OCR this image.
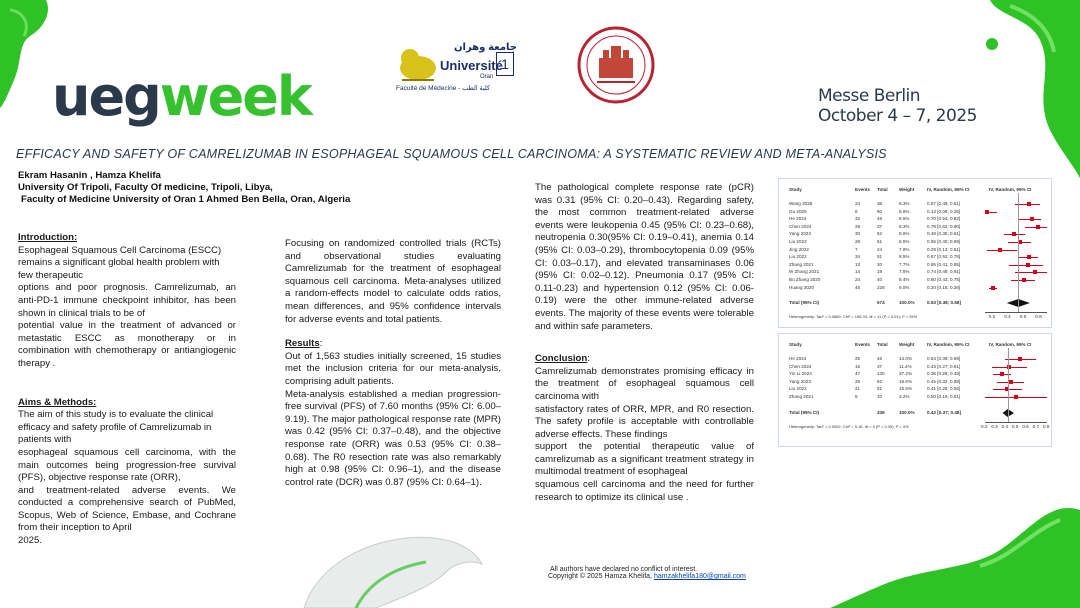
uegweek
جامعة وهران
Université
Oran
1
Faculté de Médecine - كلية الطب	Messe Berlin
October 4 – 7, 2025
EFFICACY AND SAFETY OF CAMRELIZUMAB IN ESOPHAGEAL SQUAMOUS CELL CARCINOMA: A SYSTEMATIC REVIEW AND META-ANALYSIS
Ekram Hasanin , Hamza Khelifa
University Of Tripoli, Faculty Of medicine, Tripoli, Libya,
Faculty of Medicine University of Oran 1 Ahmed Ben Bella, Oran, Algeria

Introduction:

Esophageal Squamous Cell Carcinoma (ESCC) remains a significant global health problem with few therapeutic

options and poor prognosis. Camrelizumab, an anti-PD-1 immune checkpoint inhibitor, has been shown in clinical trials to be of

potential value in the treatment of advanced or metastatic ESCC as monotherapy or in combination with chemotherapy or antiangiogenic therapy .

Aims & Methods:

The aim of this study is to evaluate the clinical efficacy and safety profile of Camrelizumab in patients with

esophageal squamous cell carcinoma, with the main outcomes being progression-free survival (PFS), objective response rate (ORR),

and treatment-related adverse events. We conducted a comprehensive search of PubMed, Scopus, Web of Science, Embase, and Cochrane from their inception to April

2025.

Focusing on randomized controlled trials (RCTs) and observational studies evaluating Camrelizumab for the treatment of esophageal squamous cell carcinoma. Meta-analyses utilized a random-effects model to calculate odds ratios, mean differences, and 95% confidence intervals for adverse events and total patients.

Results:

Out of 1,563 studies initially screened, 15 studies met the inclusion criteria for our meta-analysis, comprising adult patients.

Meta-analysis established a median progression-free survival (PFS) of 7.60 months (95% CI: 6.00–9.19). The major pathological response rate (MPR) was 0.42 (95% CI: 0.37–0.48), and the objective response rate (ORR) was 0.53 (95% CI: 0.38–0.68). The R0 resection rate was also remarkably high at 0.98 (95% CI: 0.96–1), and the disease control rate (DCR) was 0.87 (95% CI: 0.64–1).

The pathological complete response rate (pCR) was 0.31 (95% CI: 0.20–0.43). Regarding safety, the most common treatment-related adverse events were leukopenia 0.45 (95% CI: 0.23–0.68), neutropenia 0.30(95% CI: 0.19–0.41), anemia 0.14 (95% CI: 0.03–0.29), thrombocytopenia 0.09 (95% CI: 0.03–0.17), and elevated transaminases 0.06 (95% CI: 0.02–0.12). Pneumonia 0.17 (95% CI: 0.11-0.23) and hypertension 0.12 (95% CI: 0.06-0.19) were the other immune-related adverse events. The majority of these events were tolerable and within safe parameters.

Conclusion:

Camrelizumab demonstrates promising efficacy in the treatment of esophageal squamous cell carcinoma with

satisfactory rates of ORR, MPR, and R0 resection. The safety profile is acceptable with controllable adverse effects. These findings

support the potential therapeutic value of camrelizumab as a significant treatment strategy in multimodal treatment of esophageal

squamous cell carcinoma and the need for further research to optimize its clinical use .

All authors have declared no conflict of interest.
Copyright © 2025 Hamza Khelifa, hamzakhelifa180@gmail.com
Study	Events Total Weight	IV, Random, 95% CI	IV, Random, 95% CI
Wang 2025	24	36	8.3%	0.67 [0.49; 0.81]
Gu 2025	8	60	8.6%	0.13 [0.06; 0.25]
He 2024	32	46	8.5%	0.70 [0.54; 0.82]
Chen 2024	29	37	8.3%	0.78 [0.62; 0.90]
Yang 2023	30	62	8.6%	0.48 [0.35; 0.61]
Liu 2022	28	51	8.5%	0.55 [0.40; 0.69]
Jing 2022	7	24	7.9%	0.29 [0.13; 0.51]
Liu 2022	34	51	8.5%	0.67 [0.52; 0.79]
Zhang 2021	13	20	7.7%	0.65 [0.41; 0.85]
W Zhang 2021	14	19	7.6%	0.74 [0.49; 0.91]
Bo Zhang 2020	24	40	8.4%	0.60 [0.43; 0.75]
Huang 2020	46	228	9.0%	0.20 [0.15; 0.26]
Total (95% CI)	674	100.0%	0.53 [0.38; 0.68]
Heterogeneity: Tau² = 0.0669; Chi² = 156.33, df = 11 (P < 0.01); I² = 93%	0.2 0.4 0.6 0.8
Study	Events Total Weight	IV, Random, 95% CI	IV, Random, 95% CI
He 2024	25	46	14.0%	0.54 [0.39; 0.69]
Chen 2024	16	37	11.4%	0.43 [0.27; 0.61]
Yin Li 2024	47	130	37.2%	0.36 [0.28; 0.45]
Yang 2023	28	62	18.6%	0.45 [0.32; 0.58]
Liu 2022	21	51	15.5%	0.41 [0.28; 0.56]
Zhang 2021	5	10	3.2%	0.50 [0.19; 0.81]
Total (95% CI)	336	100.0%	0.42 [0.37; 0.48]
Heterogeneity: Tau² = 0.0002; Chi² = 5.18, df = 5 (P = 0.39); I² = 4%	0.2 0.3 0.4 0.5 0.6 0.7 0.8
